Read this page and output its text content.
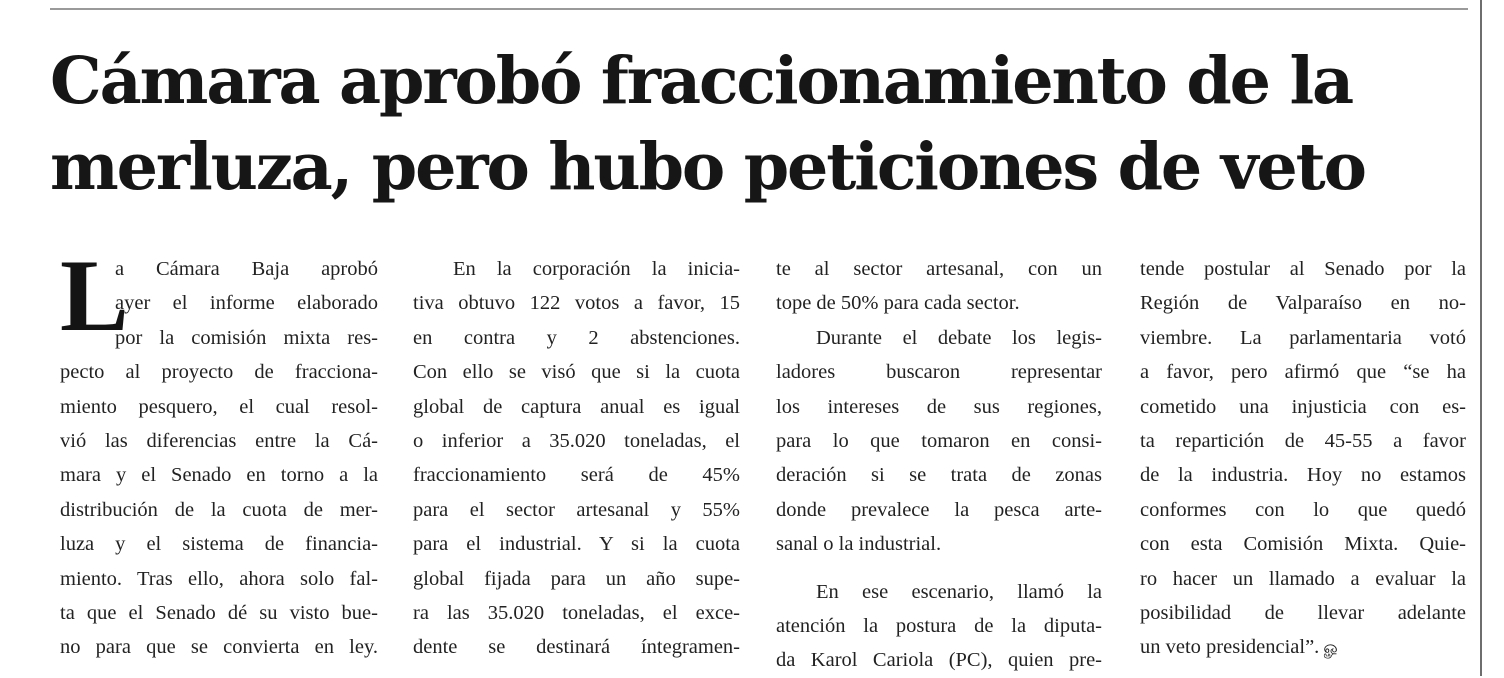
Cámara aprobó fraccionamiento de la
merluza, pero hubo peticiones de veto
L
a Cámara Baja aprobó
ayer el informe elaborado
por la comisión mixta res-
pecto al proyecto de fracciona-
miento pesquero, el cual resol-
vió las diferencias entre la Cá-
mara y el Senado en torno a la
distribución de la cuota de mer-
luza y el sistema de financia-
miento. Tras ello, ahora solo fal-
ta que el Senado dé su visto bue-
no para que se convierta en ley.
En la corporación la inicia-
tiva obtuvo 122 votos a favor, 15
en contra y 2 abstenciones.
Con ello se visó que si la cuota
global de captura anual es igual
o inferior a 35.020 toneladas, el
fraccionamiento será de 45%
para el sector artesanal y 55%
para el industrial. Y si la cuota
global fijada para un año supe-
ra las 35.020 toneladas, el exce-
dente se destinará íntegramen-
te al sector artesanal, con un
tope de 50% para cada sector.
Durante el debate los legis-
ladores buscaron representar
los intereses de sus regiones,
para lo que tomaron en consi-
deración si se trata de zonas
donde prevalece la pesca arte-
sanal o la industrial.
En ese escenario, llamó la
atención la postura de la diputa-
da Karol Cariola (PC), quien pre-
tende postular al Senado por la
Región de Valparaíso en no-
viembre. La parlamentaria votó
a favor, pero afirmó que “se ha
cometido una injusticia con es-
ta repartición de 45-55 a favor
de la industria. Hoy no estamos
conformes con lo que quedó
con esta Comisión Mixta. Quie-
ro hacer un llamado a evaluar la
posibilidad de llevar adelante
un veto presidencial”. ௐ
